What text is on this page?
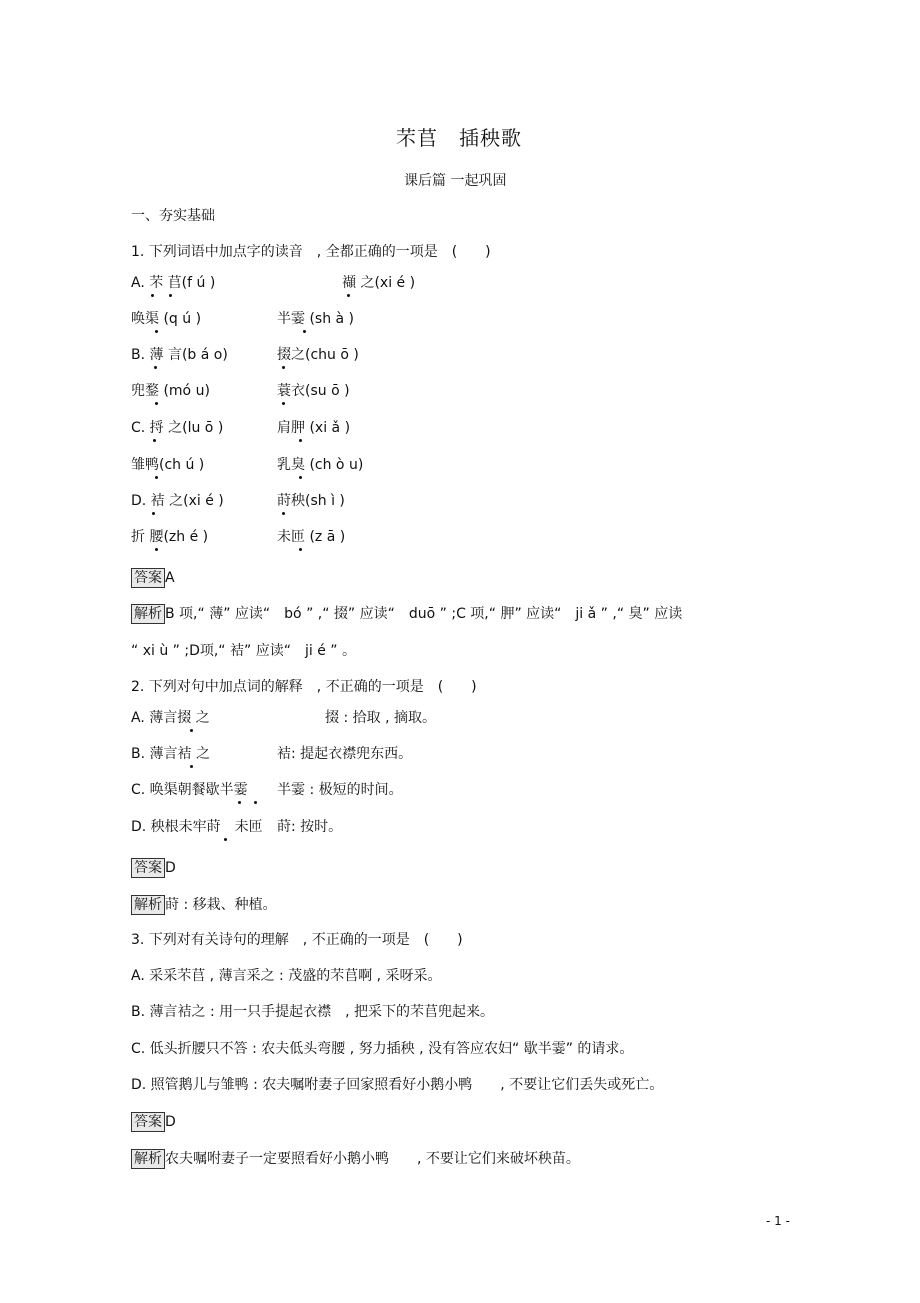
芣苢　插秧歌
课后篇 一起巩固
一、夯实基础
1. 下列词语中加点字的读音　, 全都正确的一项是　(　　)
A. 芣 苢(f ú )	襭 之(xi é )
唤渠 (q ú )	半霎 (sh à )
B. 薄 言(b á o)	掇之(chu ō )
兜鍪 (mó u)	蓑衣(su ō )
C. 捋 之(lu ō )	肩胛 (xi ǎ )
雏鸭(ch ú )	乳臭 (ch ò u)
D. 袺 之(xi é )	莳秧(sh ì )
折 腰(zh é )	未匝 (z ā )
答案 A
解析 B 项,“ 薄” 应读“　bó ” ,“ 掇” 应读“　duō ” ;C 项,“ 胛” 应读“　ji ǎ ” ,“ 臭” 应读
“ xi ù ” ;D项,“ 袺” 应读“　ji é ” 。
2. 下列对句中加点词的解释　, 不正确的一项是　(　　)
A. 薄言掇 之	掇 : 拾取 , 摘取。
B. 薄言袺 之	袺: 提起衣襟兜东西。
C. 唤渠朝餐歇半霎 半霎 : 极短的时间。
D. 秧根未牢莳　未匝 莳: 按时。
答案 D
解析 莳 : 移栽、种植。
3. 下列对有关诗句的理解　, 不正确的一项是　(　　)
A. 采采芣苢 , 薄言采之 : 茂盛的芣苢啊 , 采呀采。
B. 薄言袺之 : 用一只手提起衣襟　, 把采下的芣苢兜起来。
C. 低头折腰只不答 : 农夫低头弯腰 , 努力插秧 , 没有答应农妇“ 歇半霎” 的请求。
D. 照管鹅儿与雏鸭 : 农夫嘱咐妻子回家照看好小鹅小鸭　　, 不要让它们丢失或死亡。
答案 D
解析 农夫嘱咐妻子一定要照看好小鹅小鸭　　, 不要让它们来破坏秧苗。
- 1 -
